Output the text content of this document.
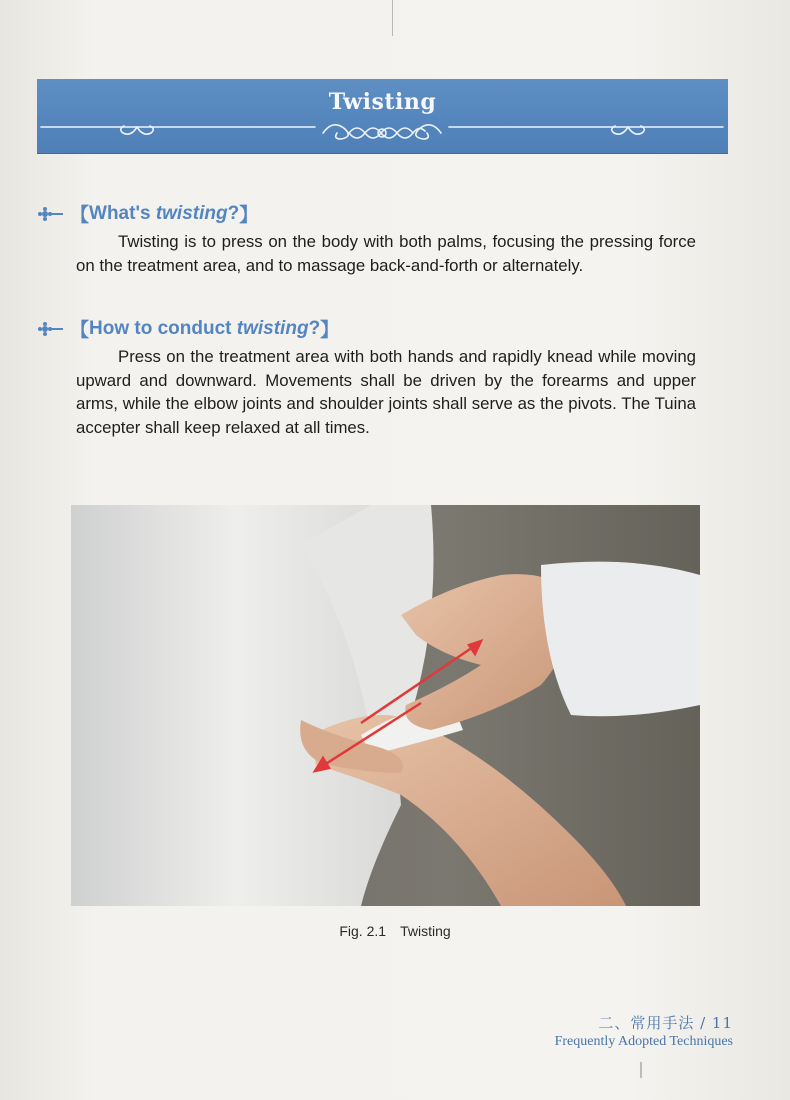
Twisting
【 What's twisting ? 】

Twisting is to press on the body with both palms, focusing the pressing force on the treatment area, and to massage back-and-forth or alternately.

【 How to conduct twisting ? 】

Press on the treatment area with both hands and rapidly knead while moving upward and downward. Movements shall be driven by the forearms and upper arms, while the elbow joints and shoulder joints shall serve as the pivots. The Tuina accepter shall keep relaxed at all times.

Fig. 2.1 Twisting
二、常用手法 / 11
Frequently Adopted Techniques
